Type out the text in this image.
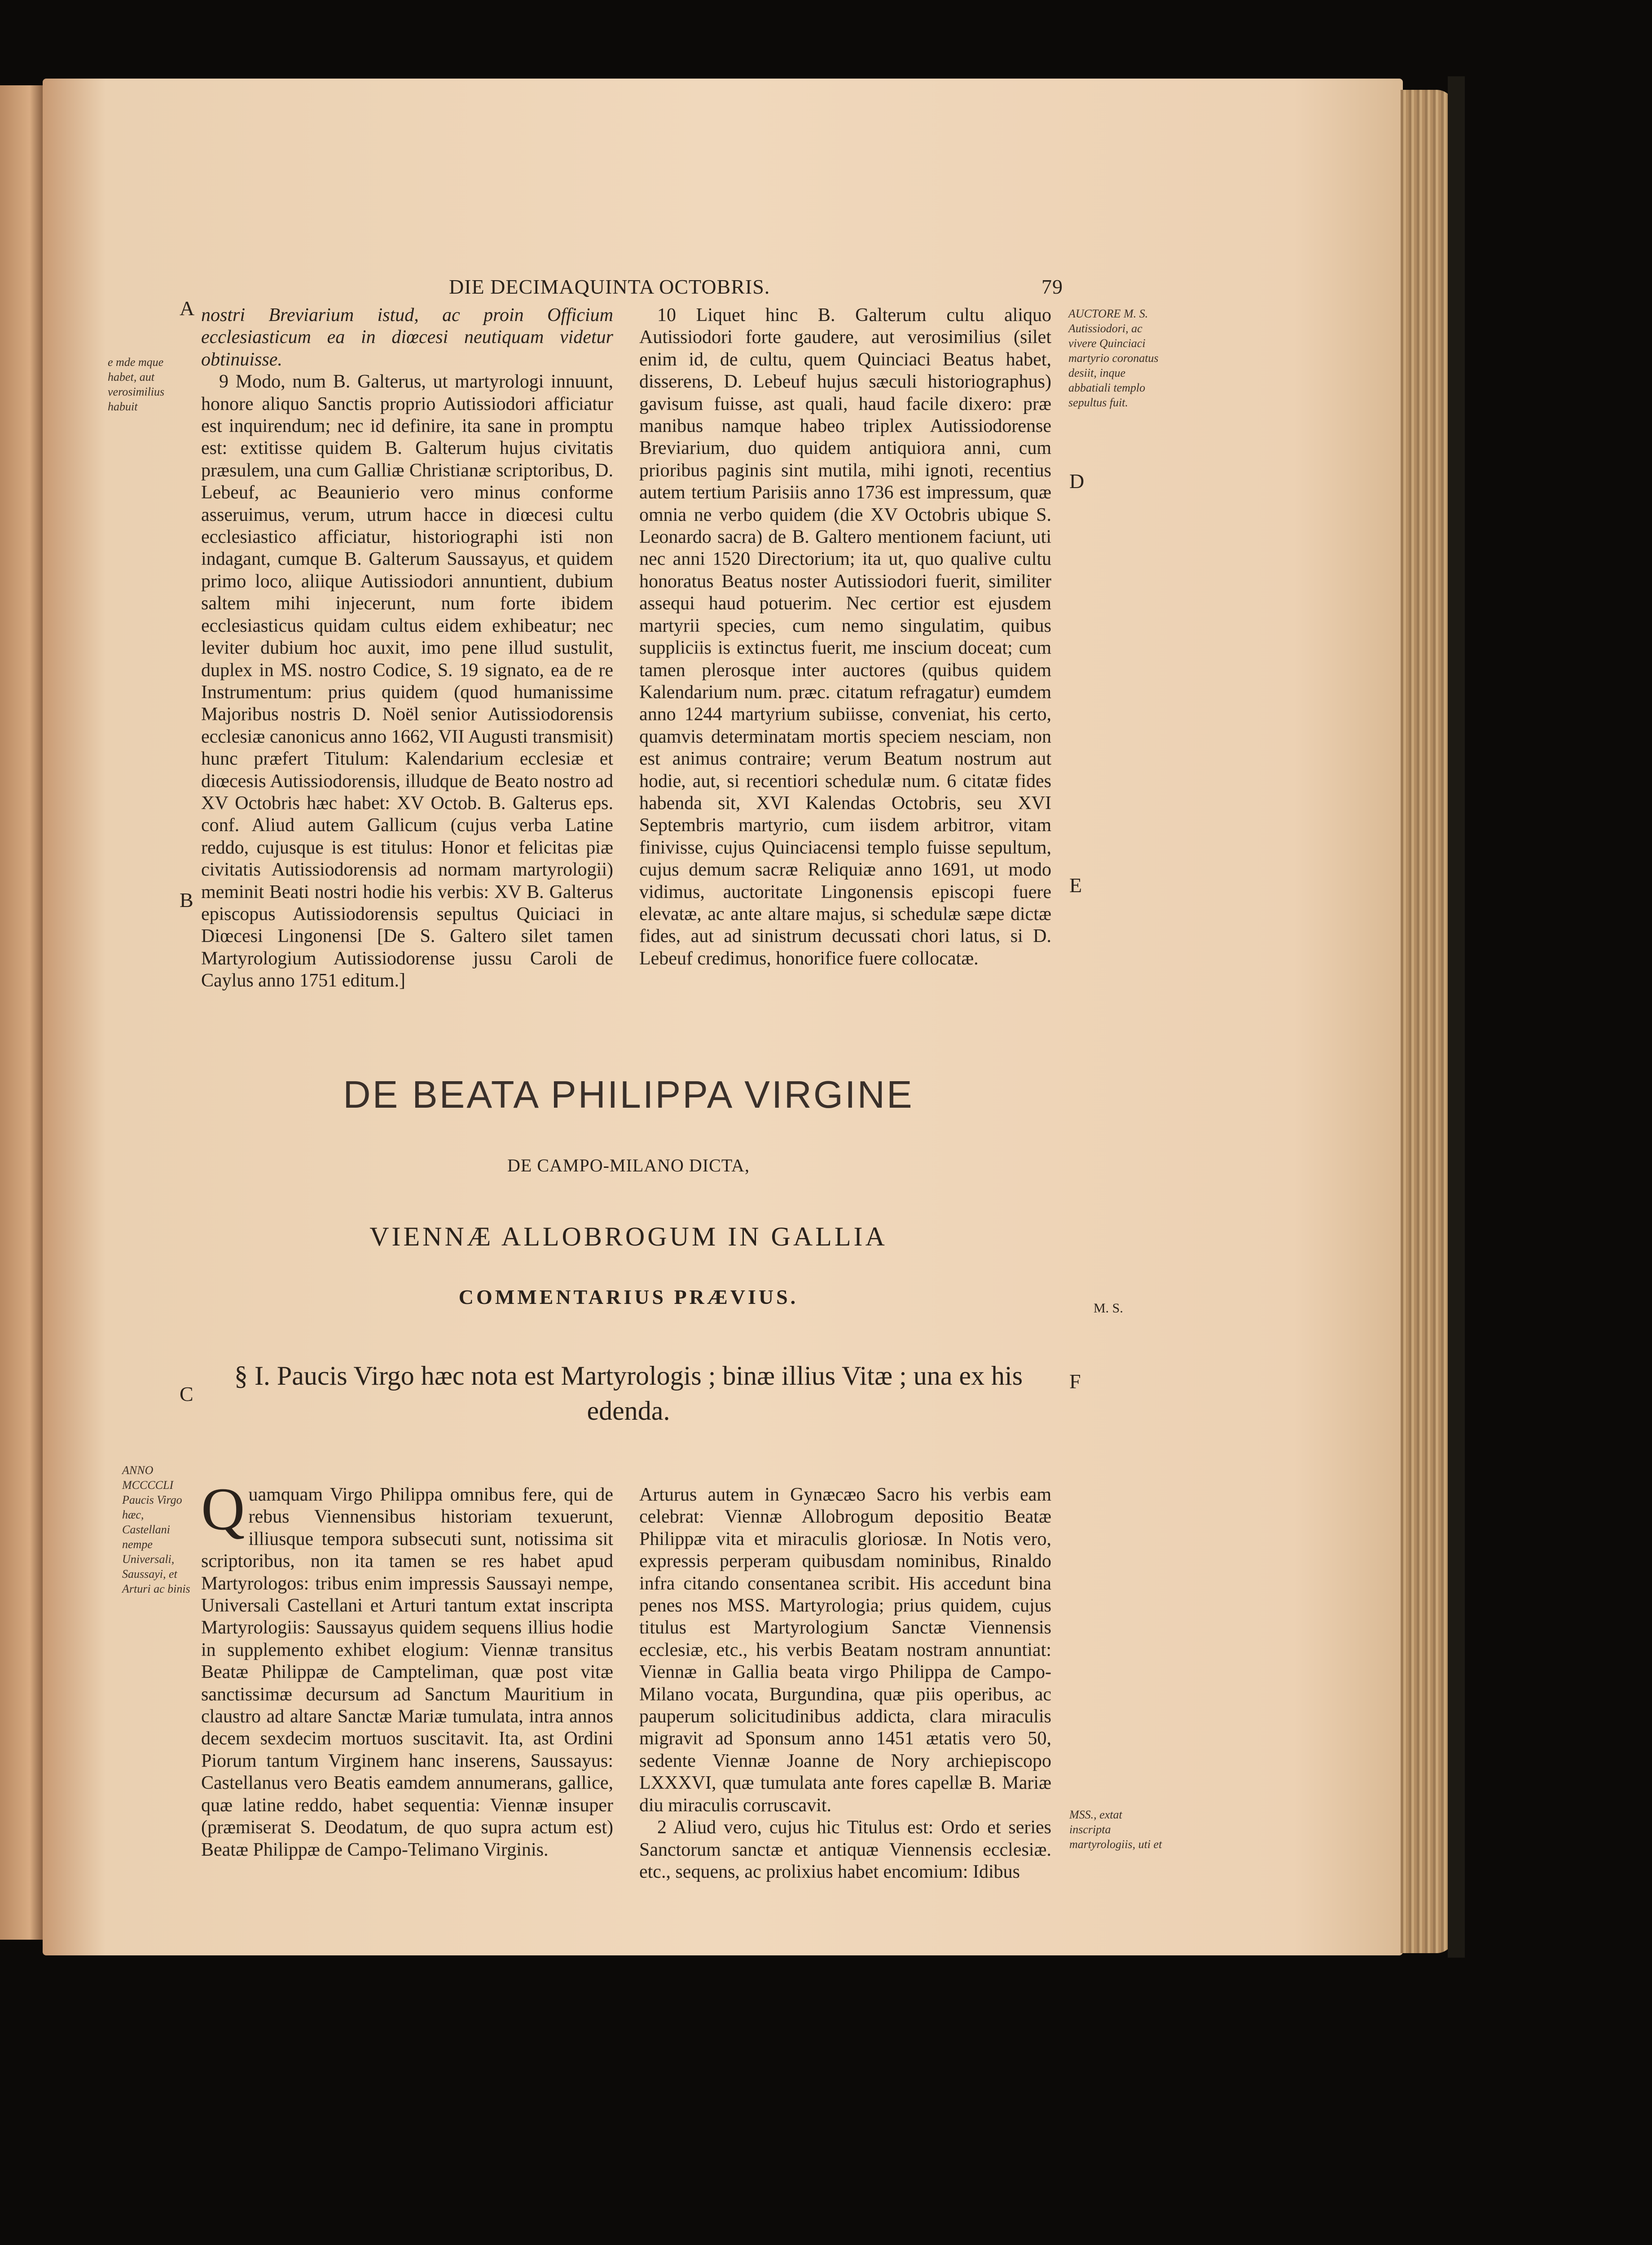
DIE DECIMAQUINTA OCTOBRIS.	79
A
B
C
D
E
F
e mde mque habet, aut verosimilius habuit
AUCTORE M. S. Autissiodori, ac vivere Quinciaci martyrio coronatus desiit, inque abbatiali templo sepultus fuit.
ANNO MCCCCLI Paucis Virgo hæc, Castellani nempe Universali, Saussayi, et Arturi ac binis
MSS., extat inscripta martyrologiis, uti et
M. S.

nostri Breviarium istud, ac proin Officium ecclesiasticum ea in diœcesi neutiquam videtur obtinuisse.

9 Modo, num B. Galterus, ut martyrologi innuunt, honore aliquo Sanctis proprio Autissiodori afficiatur est inquirendum; nec id definire, ita sane in promptu est: extitisse quidem B. Galterum hujus civitatis præsulem, una cum Galliæ Christianæ scriptoribus, D. Lebeuf, ac Beaunierio vero minus conforme asseruimus, verum, utrum hacce in diœcesi cultu ecclesiastico afficiatur, historiographi isti non indagant, cumque B. Galterum Saussayus, et quidem primo loco, aliique Autissiodori annuntient, dubium saltem mihi injecerunt, num forte ibidem ecclesiasticus quidam cultus eidem exhibeatur; nec leviter dubium hoc auxit, imo pene illud sustulit, duplex in MS. nostro Codice, S. 19 signato, ea de re Instrumentum: prius quidem (quod humanissime Majoribus nostris D. Noël senior Autissiodorensis ecclesiæ canonicus anno 1662, VII Augusti transmisit) hunc præfert Titulum: Kalendarium ecclesiæ et diœcesis Autissiodorensis, illudque de Beato nostro ad XV Octobris hæc habet: XV Octob. B. Galterus eps. conf. Aliud autem Gallicum (cujus verba Latine reddo, cujusque is est titulus: Honor et felicitas piæ civitatis Autissiodorensis ad normam martyrologii) meminit Beati nostri hodie his verbis: XV B. Galterus episcopus Autissiodorensis sepultus Quiciaci in Diœcesi Lingonensi [De S. Galtero silet tamen Martyrologium Autissiodorense jussu Caroli de Caylus anno 1751 editum.]

10 Liquet hinc B. Galterum cultu aliquo Autissiodori forte gaudere, aut verosimilius (silet enim id, de cultu, quem Quinciaci Beatus habet, disserens, D. Lebeuf hujus sæculi historiographus) gavisum fuisse, ast quali, haud facile dixero: præ manibus namque habeo triplex Autissiodorense Breviarium, duo quidem antiquiora anni, cum prioribus paginis sint mutila, mihi ignoti, recentius autem tertium Parisiis anno 1736 est impressum, quæ omnia ne verbo quidem (die XV Octobris ubique S. Leonardo sacra) de B. Galtero mentionem faciunt, uti nec anni 1520 Directorium; ita ut, quo qualive cultu honoratus Beatus noster Autissiodori fuerit, similiter assequi haud potuerim. Nec certior est ejusdem martyrii species, cum nemo singulatim, quibus suppliciis is extinctus fuerit, me inscium doceat; cum tamen plerosque inter auctores (quibus quidem Kalendarium num. præc. citatum refragatur) eumdem anno 1244 martyrium subiisse, conveniat, his certo, quamvis determinatam mortis speciem nesciam, non est animus contraire; verum Beatum nostrum aut hodie, aut, si recentiori schedulæ num. 6 citatæ fides habenda sit, XVI Kalendas Octobris, seu XVI Septembris martyrio, cum iisdem arbitror, vitam finivisse, cujus Quinciacensi templo fuisse sepultum, cujus demum sacræ Reliquiæ anno 1691, ut modo vidimus, auctoritate Lingonensis episcopi fuere elevatæ, ac ante altare majus, si schedulæ sæpe dictæ fides, aut ad sinistrum decussati chori latus, si D. Lebeuf credimus, honorifice fuere collocatæ.

DE BEATA PHILIPPA VIRGINE
DE CAMPO-MILANO DICTA,
VIENNÆ ALLOBROGUM IN GALLIA
COMMENTARIUS PRÆVIUS.
§ I. Paucis Virgo hæc nota est Martyrologis ; binæ illius Vitæ ; una ex his edenda.
Q uamquam Virgo Philippa omnibus fere, qui de rebus Viennensibus historiam texuerunt, illiusque tempora subsecuti sunt, notissima sit scriptoribus, non ita tamen se res habet apud Martyrologos: tribus enim impressis Saussayi nempe, Universali Castellani et Arturi tantum extat inscripta Martyrologiis: Saussayus quidem sequens illius hodie in supplemento exhibet elogium: Viennæ transitus Beatæ Philippæ de Campteliman, quæ post vitæ sanctissimæ decursum ad Sanctum Mauritium in claustro ad altare Sanctæ Mariæ tumulata, intra annos decem sexdecim mortuos suscitavit. Ita, ast Ordini Piorum tantum Virginem hanc inserens, Saussayus: Castellanus vero Beatis eamdem annumerans, gallice, quæ latine reddo, habet sequentia: Viennæ insuper (præmiserat S. Deodatum, de quo supra actum est) Beatæ Philippæ de Campo-Telimano Virginis.

Arturus autem in Gynæcæo Sacro his verbis eam celebrat: Viennæ Allobrogum depositio Beatæ Philippæ vita et miraculis gloriosæ. In Notis vero, expressis perperam quibusdam nominibus, Rinaldo infra citando consentanea scribit. His accedunt bina penes nos MSS. Martyrologia; prius quidem, cujus titulus est Martyrologium Sanctæ Viennensis ecclesiæ, etc., his verbis Beatam nostram annuntiat: Viennæ in Gallia beata virgo Philippa de Campo-Milano vocata, Burgundina, quæ piis operibus, ac pauperum solicitudinibus addicta, clara miraculis migravit ad Sponsum anno 1451 ætatis vero 50, sedente Viennæ Joanne de Nory archiepiscopo LXXXVI, quæ tumulata ante fores capellæ B. Mariæ diu miraculis corruscavit.

2 Aliud vero, cujus hic Titulus est: Ordo et series Sanctorum sanctæ et antiquæ Viennensis ecclesiæ. etc., sequens, ac prolixius habet encomium: Idibus
